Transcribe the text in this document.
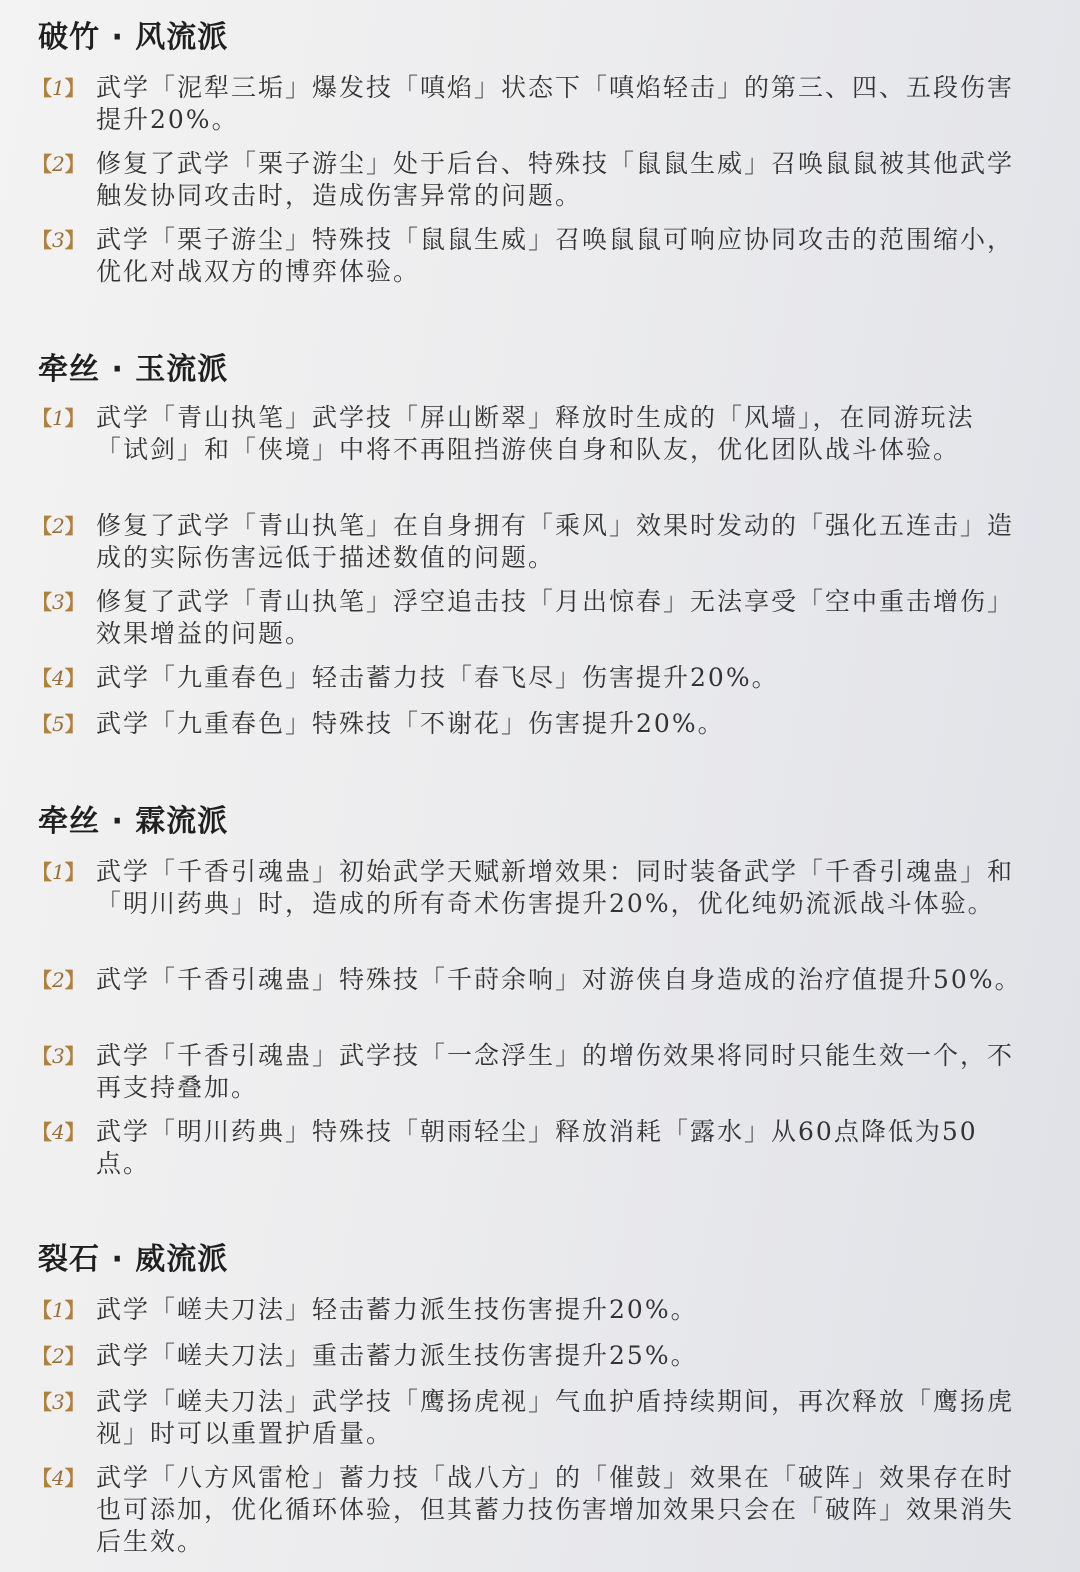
破竹 · 风流派
【1】 武学「泥犁三垢」爆发技「嗔焰」状态下「嗔焰轻击」的第三、四、五段伤害提升20%。
【2】 修复了武学「栗子游尘」处于后台、特殊技「鼠鼠生威」召唤鼠鼠被其他武学触发协同攻击时，造成伤害异常的问题。
【3】 武学「栗子游尘」特殊技「鼠鼠生威」召唤鼠鼠可响应协同攻击的范围缩小，优化对战双方的博弈体验。
牵丝 · 玉流派
【1】 武学「青山执笔」武学技「屏山断翠」释放时生成的「风墙」，在同游玩法「试剑」和「侠境」中将不再阻挡游侠自身和队友，优化团队战斗体验。
【2】 修复了武学「青山执笔」在自身拥有「乘风」效果时发动的「强化五连击」造成的实际伤害远低于描述数值的问题。
【3】 修复了武学「青山执笔」浮空追击技「月出惊春」无法享受「空中重击增伤」效果增益的问题。
【4】 武学「九重春色」轻击蓄力技「春飞尽」伤害提升20%。
【5】 武学「九重春色」特殊技「不谢花」伤害提升20%。
牵丝 · 霖流派
【1】 武学「千香引魂蛊」初始武学天赋新增效果：同时装备武学「千香引魂蛊」和「明川药典」时，造成的所有奇术伤害提升20%，优化纯奶流派战斗体验。
【2】 武学「千香引魂蛊」特殊技「千莳余响」对游侠自身造成的治疗值提升50%。
【3】 武学「千香引魂蛊」武学技「一念浮生」的增伤效果将同时只能生效一个，不再支持叠加。
【4】 武学「明川药典」特殊技「朝雨轻尘」释放消耗「露水」从60点降低为50点。
裂石 · 威流派
【1】 武学「嵯夫刀法」轻击蓄力派生技伤害提升20%。
【2】 武学「嵯夫刀法」重击蓄力派生技伤害提升25%。
【3】 武学「嵯夫刀法」武学技「鹰扬虎视」气血护盾持续期间，再次释放「鹰扬虎视」时可以重置护盾量。
【4】 武学「八方风雷枪」蓄力技「战八方」的「催鼓」效果在「破阵」效果存在时也可添加，优化循环体验，但其蓄力技伤害增加效果只会在「破阵」效果消失后生效。
